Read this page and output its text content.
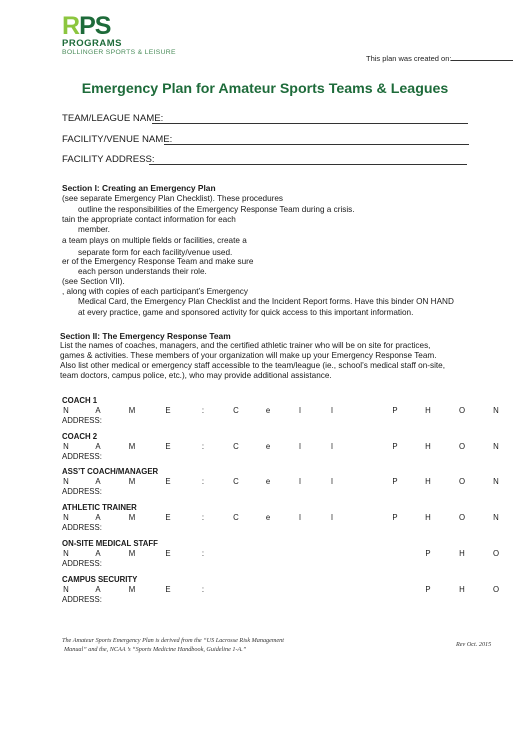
RPS
PROGRAMS
BOLLINGER SPORTS & LEISURE
This plan was created on:
Emergency Plan for Amateur Sports Teams & Leagues
TEAM/LEAGUE NAME:
FACILITY/VENUE NAME:
FACILITY ADDRESS:
Section I: Creating an Emergency Plan
(see separate Emergency Plan Checklist). These procedures
outline the responsibilities of the Emergency Response Team during a crisis.
tain the appropriate contact information for each
member.
a team plays on multiple fields or facilities, create a
separate form for each facility/venue used.
er of the Emergency Response Team and make sure
each person understands their role.
(see Section VII).
, along with copies of each participant’s Emergency
Medical Card, the Emergency Plan Checklist and the Incident Report forms. Have this binder ON HAND
at every practice, game and sponsored activity for quick access to this important information.
Section II: The Emergency Response Team
List the names of coaches, managers, and the certified athletic trainer who will be on site for practices,
games & activities. These members of your organization will make up your Emergency Response Team.
Also list other medical or emergency staff accessible to the team/league (ie., school’s medical staff on-site,
team doctors, campus police, etc.), who may provide additional assistance.
COACH 1
N	A	M	E	:	C	e	l	l	P	H	O	N
ADDRESS:
COACH 2
N	A	M	E	:	C	e	l	l	P	H	O	N
ADDRESS:
ASS’T COACH/MANAGER
N	A	M	E	:	C	e	l	l	P	H	O	N
ADDRESS:
ATHLETIC TRAINER
N	A	M	E	:	C	e	l	l	P	H	O	N
ADDRESS:
ON-SITE MEDICAL STAFF
N	A	M	E	:	P	H	O
ADDRESS:
CAMPUS SECURITY
N	A	M	E	:	P	H	O
ADDRESS:
The Amateur Sports Emergency Plan is derived from the “US Lacrosse Risk Management
Manual” and the, NCAA ’s “Sports Medicine Handbook, Guideline 1-A.”
Rev Oct. 2015
